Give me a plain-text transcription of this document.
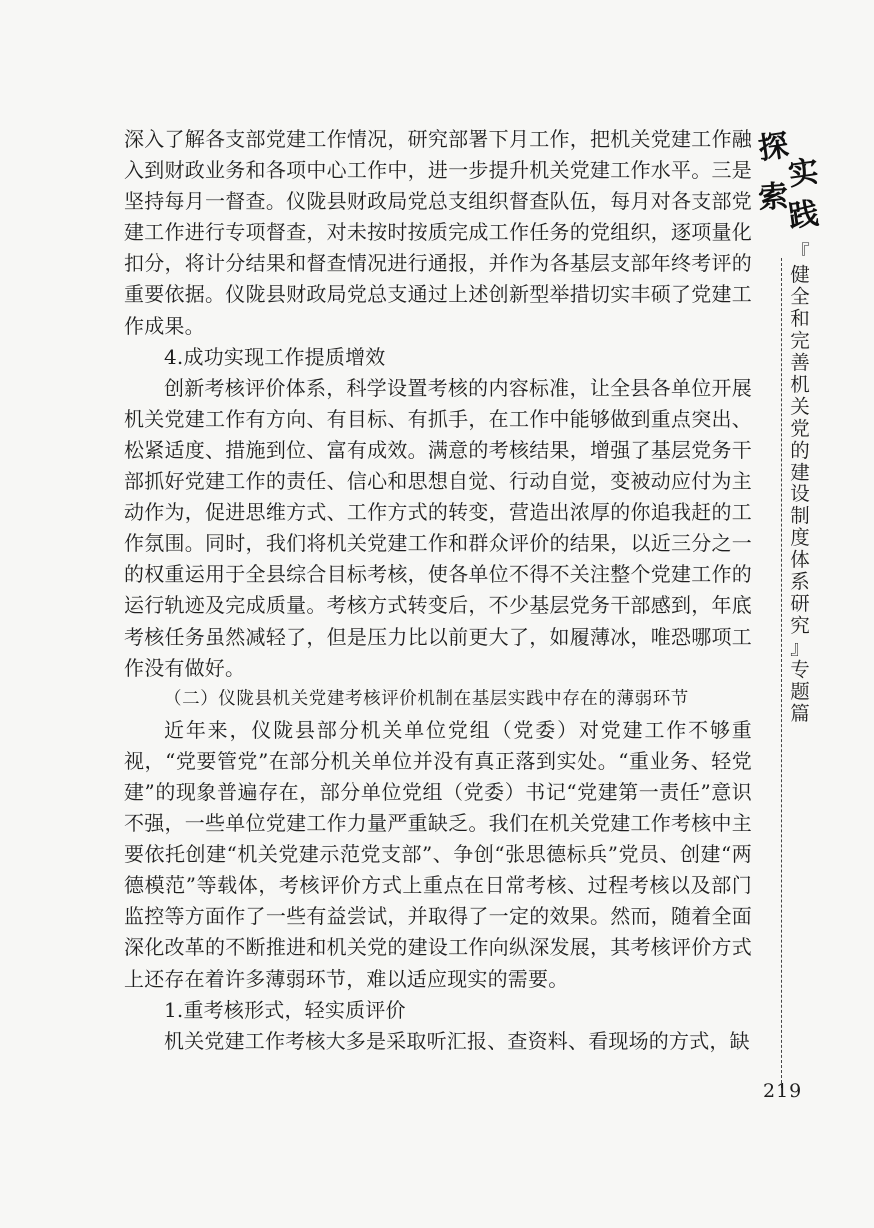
探
实
索
践
『
健
全
和
完
善
机
关
党
的
建
设
制
度
体
系
研
究
』
专
题
篇

深入了解各支部党建工作情况，研究部署下月工作，把机关党建工作融入到财政业务和各项中心工作中，进一步提升机关党建工作水平。三是坚持每月一督查。仪陇县财政局党总支组织督查队伍，每月对各支部党建工作进行专项督查，对未按时按质完成工作任务的党组织，逐项量化扣分，将计分结果和督查情况进行通报，并作为各基层支部年终考评的重要依据。仪陇县财政局党总支通过上述创新型举措切实丰硕了党建工作成果。

4.成功实现工作提质增效

创新考核评价体系，科学设置考核的内容标准，让全县各单位开展机关党建工作有方向、有目标、有抓手，在工作中能够做到重点突出、松紧适度、措施到位、富有成效。满意的考核结果，增强了基层党务干部抓好党建工作的责任、信心和思想自觉、行动自觉，变被动应付为主动作为，促进思维方式、工作方式的转变，营造出浓厚的你追我赶的工作氛围。同时，我们将机关党建工作和群众评价的结果，以近三分之一的权重运用于全县综合目标考核，使各单位不得不关注整个党建工作的运行轨迹及完成质量。考核方式转变后，不少基层党务干部感到，年底考核任务虽然减轻了，但是压力比以前更大了，如履薄冰，唯恐哪项工作没有做好。

（二）仪陇县机关党建考核评价机制在基层实践中存在的薄弱环节

近年来，仪陇县部分机关单位党组（党委）对党建工作不够重视，“党要管党”在部分机关单位并没有真正落到实处。“重业务、轻党建”的现象普遍存在，部分单位党组（党委）书记“党建第一责任”意识不强，一些单位党建工作力量严重缺乏。我们在机关党建工作考核中主要依托创建“机关党建示范党支部”、争创“张思德标兵”党员、创建“两德模范”等载体，考核评价方式上重点在日常考核、过程考核以及部门监控等方面作了一些有益尝试，并取得了一定的效果。然而，随着全面深化改革的不断推进和机关党的建设工作向纵深发展，其考核评价方式上还存在着许多薄弱环节，难以适应现实的需要。

1.重考核形式，轻实质评价

机关党建工作考核大多是采取听汇报、查资料、看现场的方式，缺

219
